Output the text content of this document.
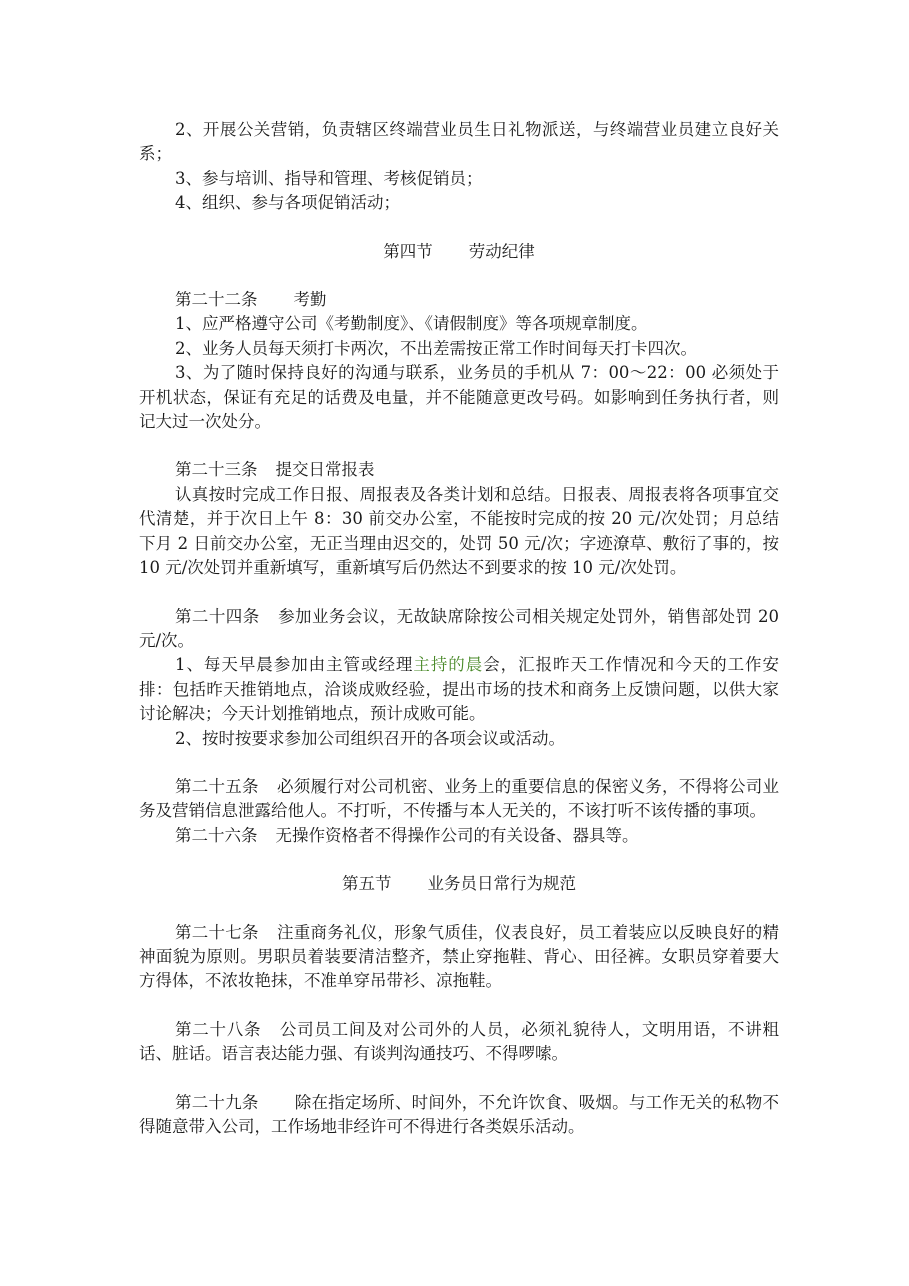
2、开展公关营销，负责辖区终端营业员生日礼物派送，与终端营业员建立良好关系；

3、参与培训、指导和管理、考核促销员；

4、组织、参与各项促销活动；

第四节 劳动纪律

第二十二条 考勤

1、应严格遵守公司《考勤制度》、《请假制度》等各项规章制度。

2、业务人员每天须打卡两次，不出差需按正常工作时间每天打卡四次。

3、为了随时保持良好的沟通与联系，业务员的手机从 7：00～22：00 必须处于开机状态，保证有充足的话费及电量，并不能随意更改号码。如影响到任务执行者，则记大过一次处分。

第二十三条 提交日常报表

认真按时完成工作日报、周报表及各类计划和总结。日报表、周报表将各项事宜交代清楚，并于次日上午 8：30 前交办公室，不能按时完成的按 20 元/次处罚；月总结下月 2 日前交办公室，无正当理由迟交的，处罚 50 元/次；字迹潦草、敷衍了事的，按 10 元/次处罚并重新填写，重新填写后仍然达不到要求的按 10 元/次处罚。

第二十四条 参加业务会议，无故缺席除按公司相关规定处罚外，销售部处罚 20 元/次。

1、每天早晨参加由主管或经理主持的晨会，汇报昨天工作情况和今天的工作安排：包括昨天推销地点，洽谈成败经验，提出市场的技术和商务上反馈问题，以供大家讨论解决；今天计划推销地点，预计成败可能。

2、按时按要求参加公司组织召开的各项会议或活动。

第二十五条 必须履行对公司机密、业务上的重要信息的保密义务，不得将公司业务及营销信息泄露给他人。不打听，不传播与本人无关的，不该打听不该传播的事项。

第二十六条 无操作资格者不得操作公司的有关设备、器具等。

第五节 业务员日常行为规范

第二十七条 注重商务礼仪，形象气质佳，仪表良好，员工着装应以反映良好的精神面貌为原则。男职员着装要清洁整齐，禁止穿拖鞋、背心、田径裤。女职员穿着要大方得体，不浓妆艳抹，不准单穿吊带衫、凉拖鞋。

第二十八条 公司员工间及对公司外的人员，必须礼貌待人，文明用语，不讲粗话、脏话。语言表达能力强、有谈判沟通技巧、不得啰嗦。

第二十九条 除在指定场所、时间外，不允许饮食、吸烟。与工作无关的私物不得随意带入公司，工作场地非经许可不得进行各类娱乐活动。
